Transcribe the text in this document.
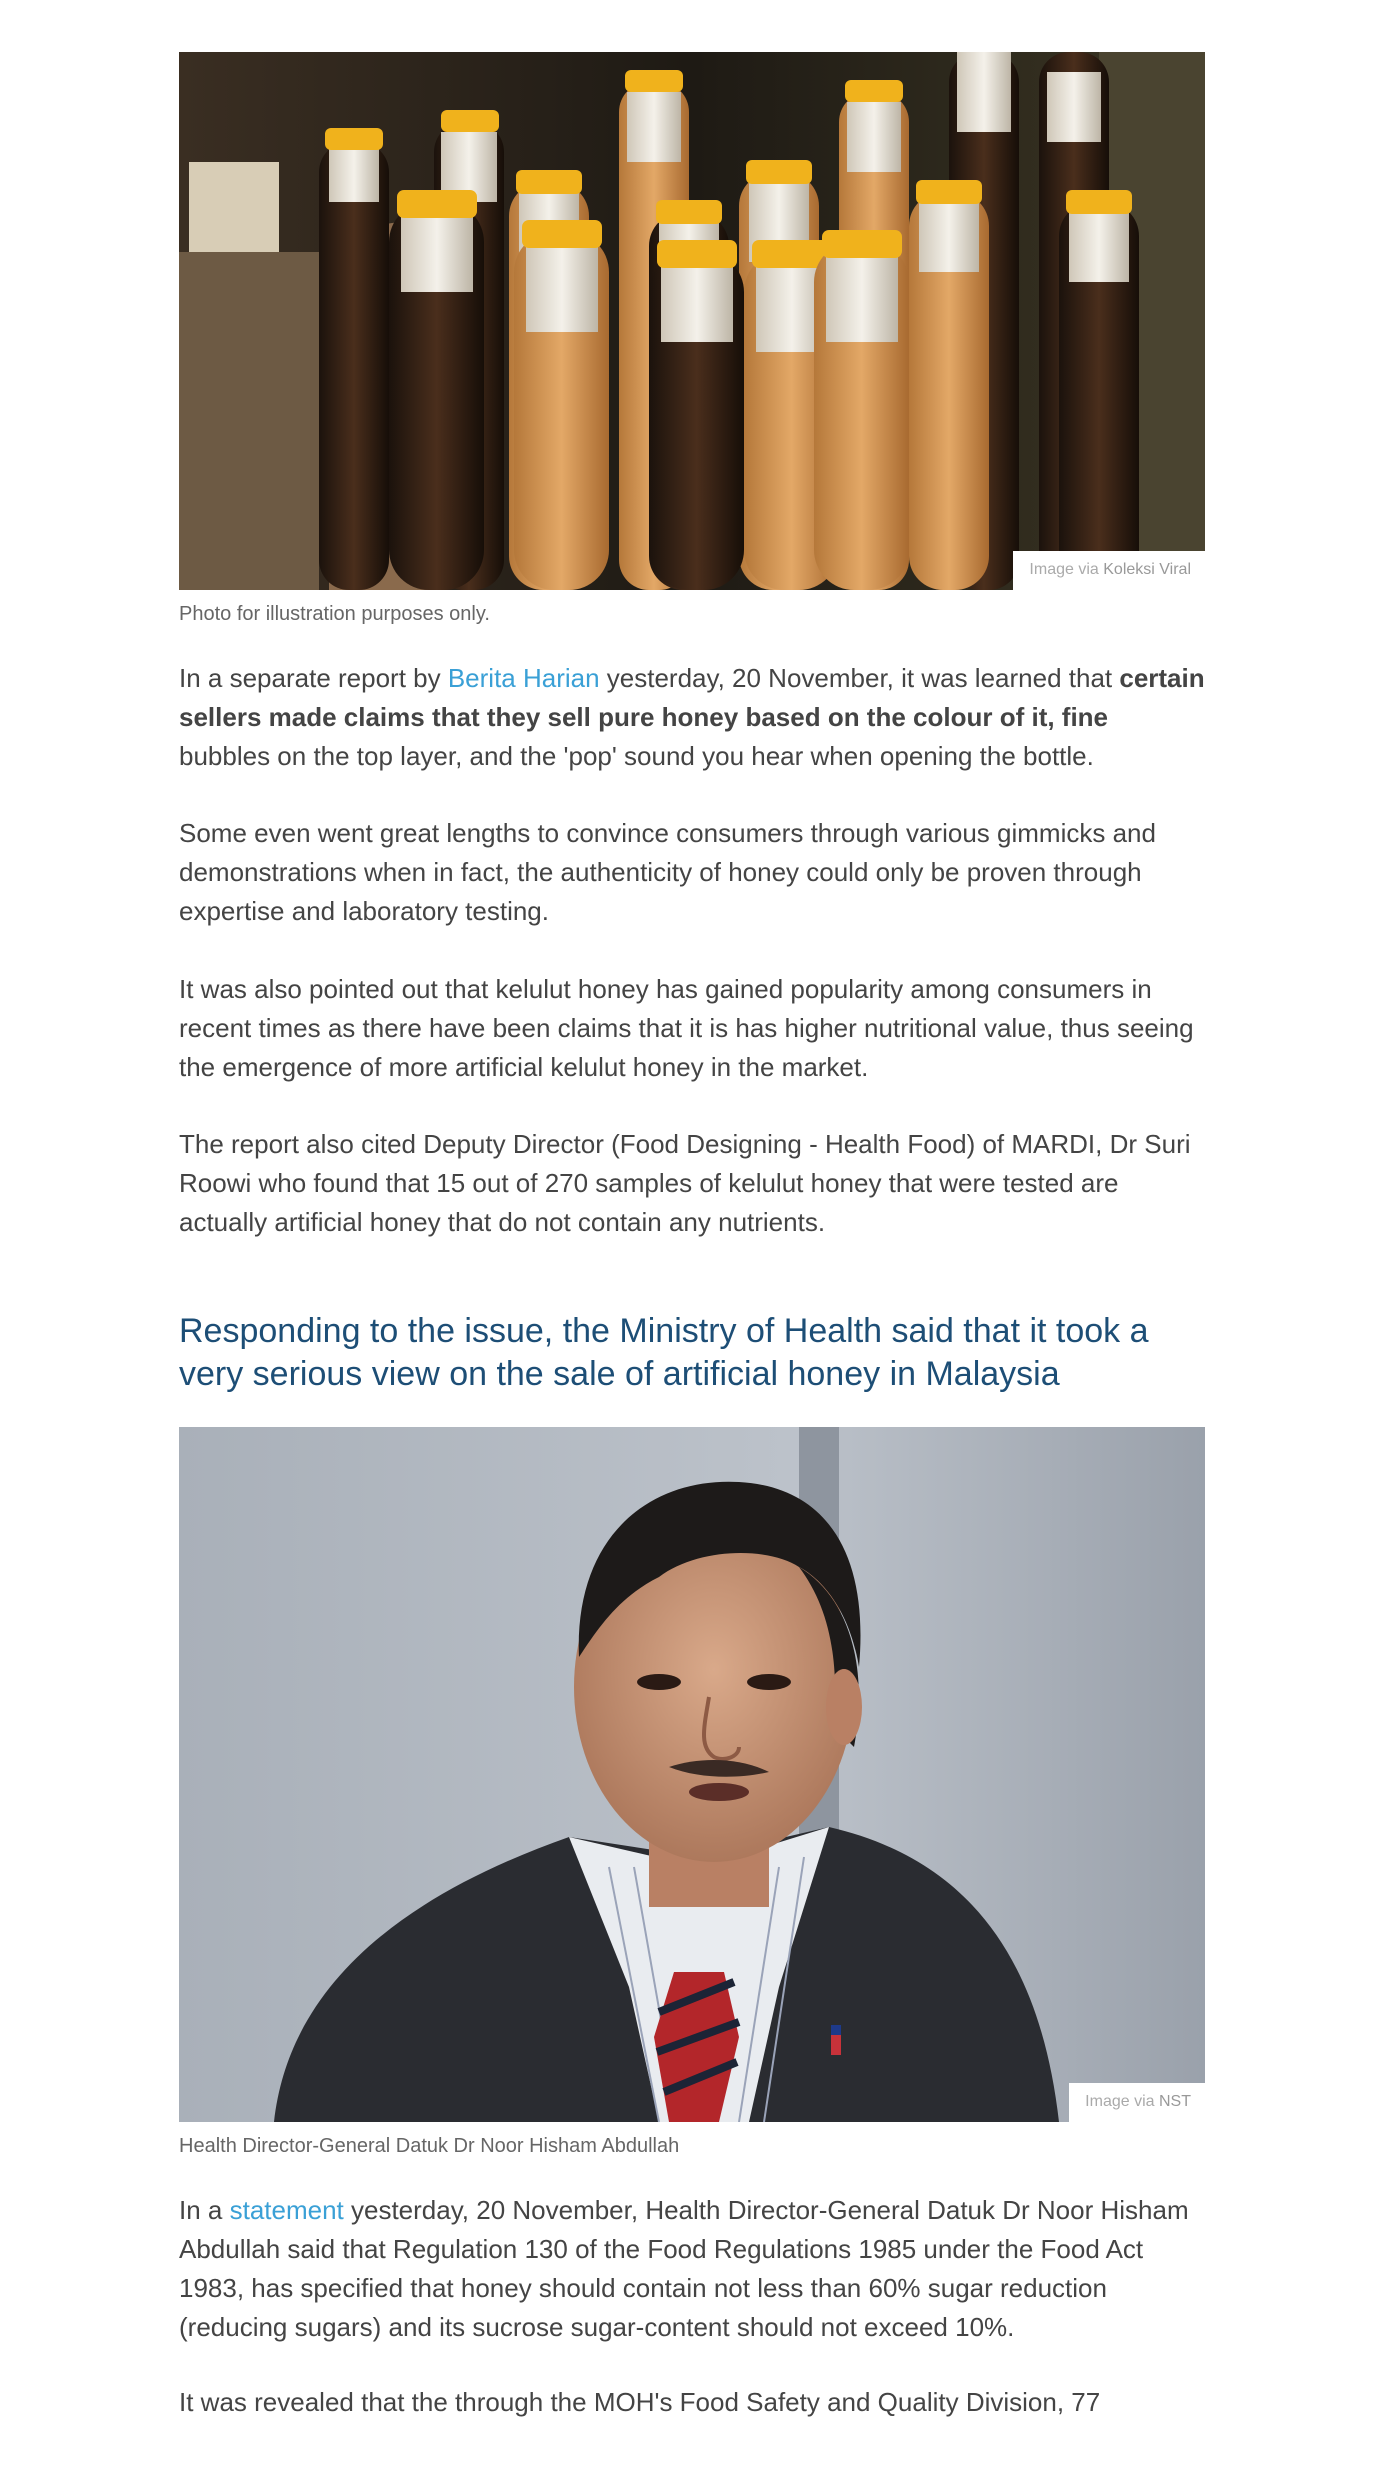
Image via Koleksi Viral
Photo for illustration purposes only.

In a separate report by Berita Harian yesterday, 20 November, it was learned that certain sellers made claims that they sell pure honey based on the colour of it, fine bubbles on the top layer, and the 'pop' sound you hear when opening the bottle.

Some even went great lengths to convince consumers through various gimmicks and demonstrations when in fact, the authenticity of honey could only be proven through expertise and laboratory testing.

It was also pointed out that kelulut honey has gained popularity among consumers in recent times as there have been claims that it is has higher nutritional value, thus seeing the emergence of more artificial kelulut honey in the market.

The report also cited Deputy Director (Food Designing - Health Food) of MARDI, Dr Suri Roowi who found that 15 out of 270 samples of kelulut honey that were tested are actually artificial honey that do not contain any nutrients.

Responding to the issue, the Ministry of Health said that it took a very serious view on the sale of artificial honey in Malaysia
Image via NST
Health Director-General Datuk Dr Noor Hisham Abdullah

In a statement yesterday, 20 November, Health Director-General Datuk Dr Noor Hisham Abdullah said that Regulation 130 of the Food Regulations 1985 under the Food Act 1983, has specified that honey should contain not less than 60% sugar reduction (reducing sugars) and its sucrose sugar-content should not exceed 10%.

It was revealed that the through the MOH's Food Safety and Quality Division, 77
